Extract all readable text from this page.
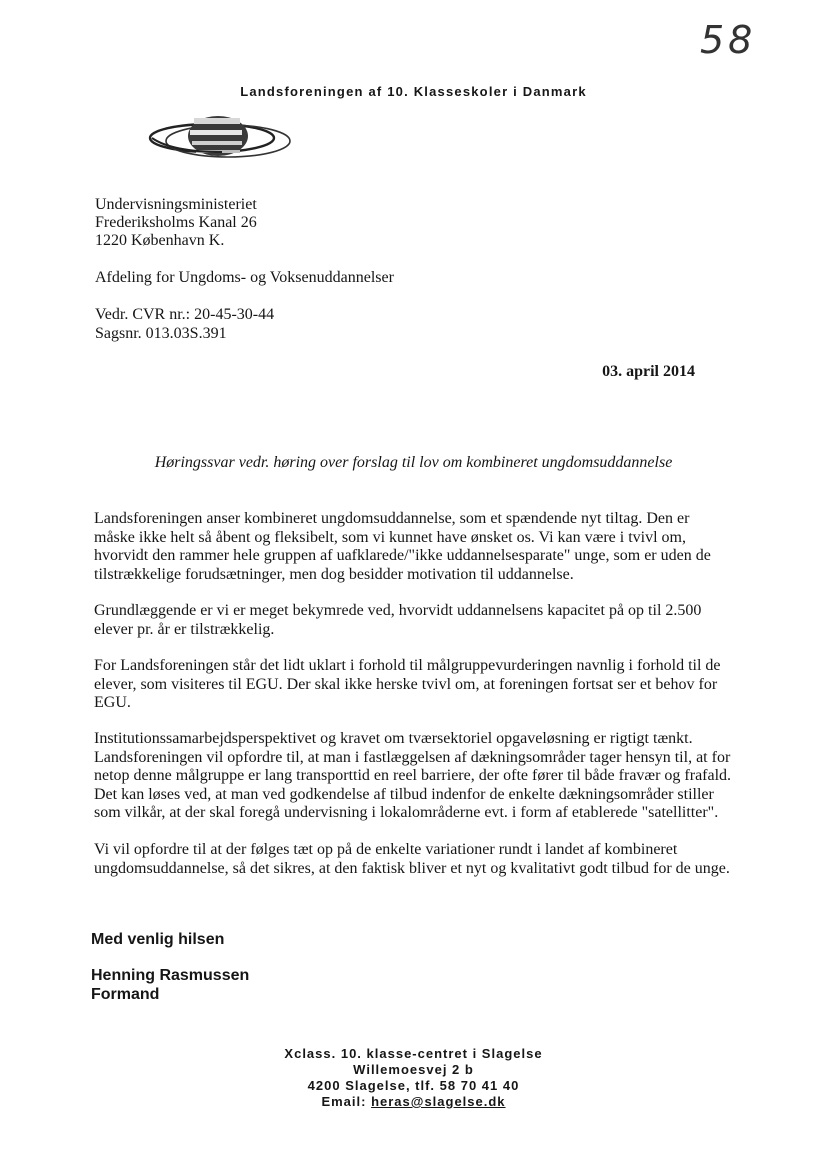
58
Landsforeningen af 10. Klasseskoler i Danmark
Undervisningsministeriet
Frederiksholms Kanal 26
1220 København K.
Afdeling for Ungdoms- og Voksenuddannelser
Vedr. CVR nr.: 20-45-30-44
Sagsnr. 013.03S.391
03. april 2014
Høringssvar vedr. høring over forslag til lov om kombineret ungdomsuddannelse

Landsforeningen anser kombineret ungdomsuddannelse, som et spændende nyt tiltag. Den er måske ikke helt så åbent og fleksibelt, som vi kunnet have ønsket os. Vi kan være i tvivl om, hvorvidt den rammer hele gruppen af uafklarede/"ikke uddannelsesparate" unge, som er uden de tilstrækkelige forudsætninger, men dog besidder motivation til uddannelse.

Grundlæggende er vi er meget bekymrede ved, hvorvidt uddannelsens kapacitet på op til 2.500 elever pr. år er tilstrækkelig.

For Landsforeningen står det lidt uklart i forhold til målgruppevurderingen navnlig i forhold til de elever, som visiteres til EGU. Der skal ikke herske tvivl om, at foreningen fortsat ser et behov for EGU.

Institutionssamarbejdsperspektivet og kravet om tværsektoriel opgaveløsning er rigtigt tænkt. Landsforeningen vil opfordre til, at man i fastlæggelsen af dækningsområder tager hensyn til, at for netop denne målgruppe er lang transporttid en reel barriere, der ofte fører til både fravær og frafald. Det kan løses ved, at man ved godkendelse af tilbud indenfor de enkelte dækningsområder stiller som vilkår, at der skal foregå undervisning i lokalområderne evt. i form af etablerede "satellitter".

Vi vil opfordre til at der følges tæt op på de enkelte variationer rundt i landet af kombineret ungdomsuddannelse, så det sikres, at den faktisk bliver et nyt og kvalitativt godt tilbud for de unge.

Med venlig hilsen
Henning Rasmussen
Formand
Xclass. 10. klasse-centret i Slagelse
Willemoesvej 2 b
4200 Slagelse, tlf. 58 70 41 40
Email: heras@slagelse.dk
